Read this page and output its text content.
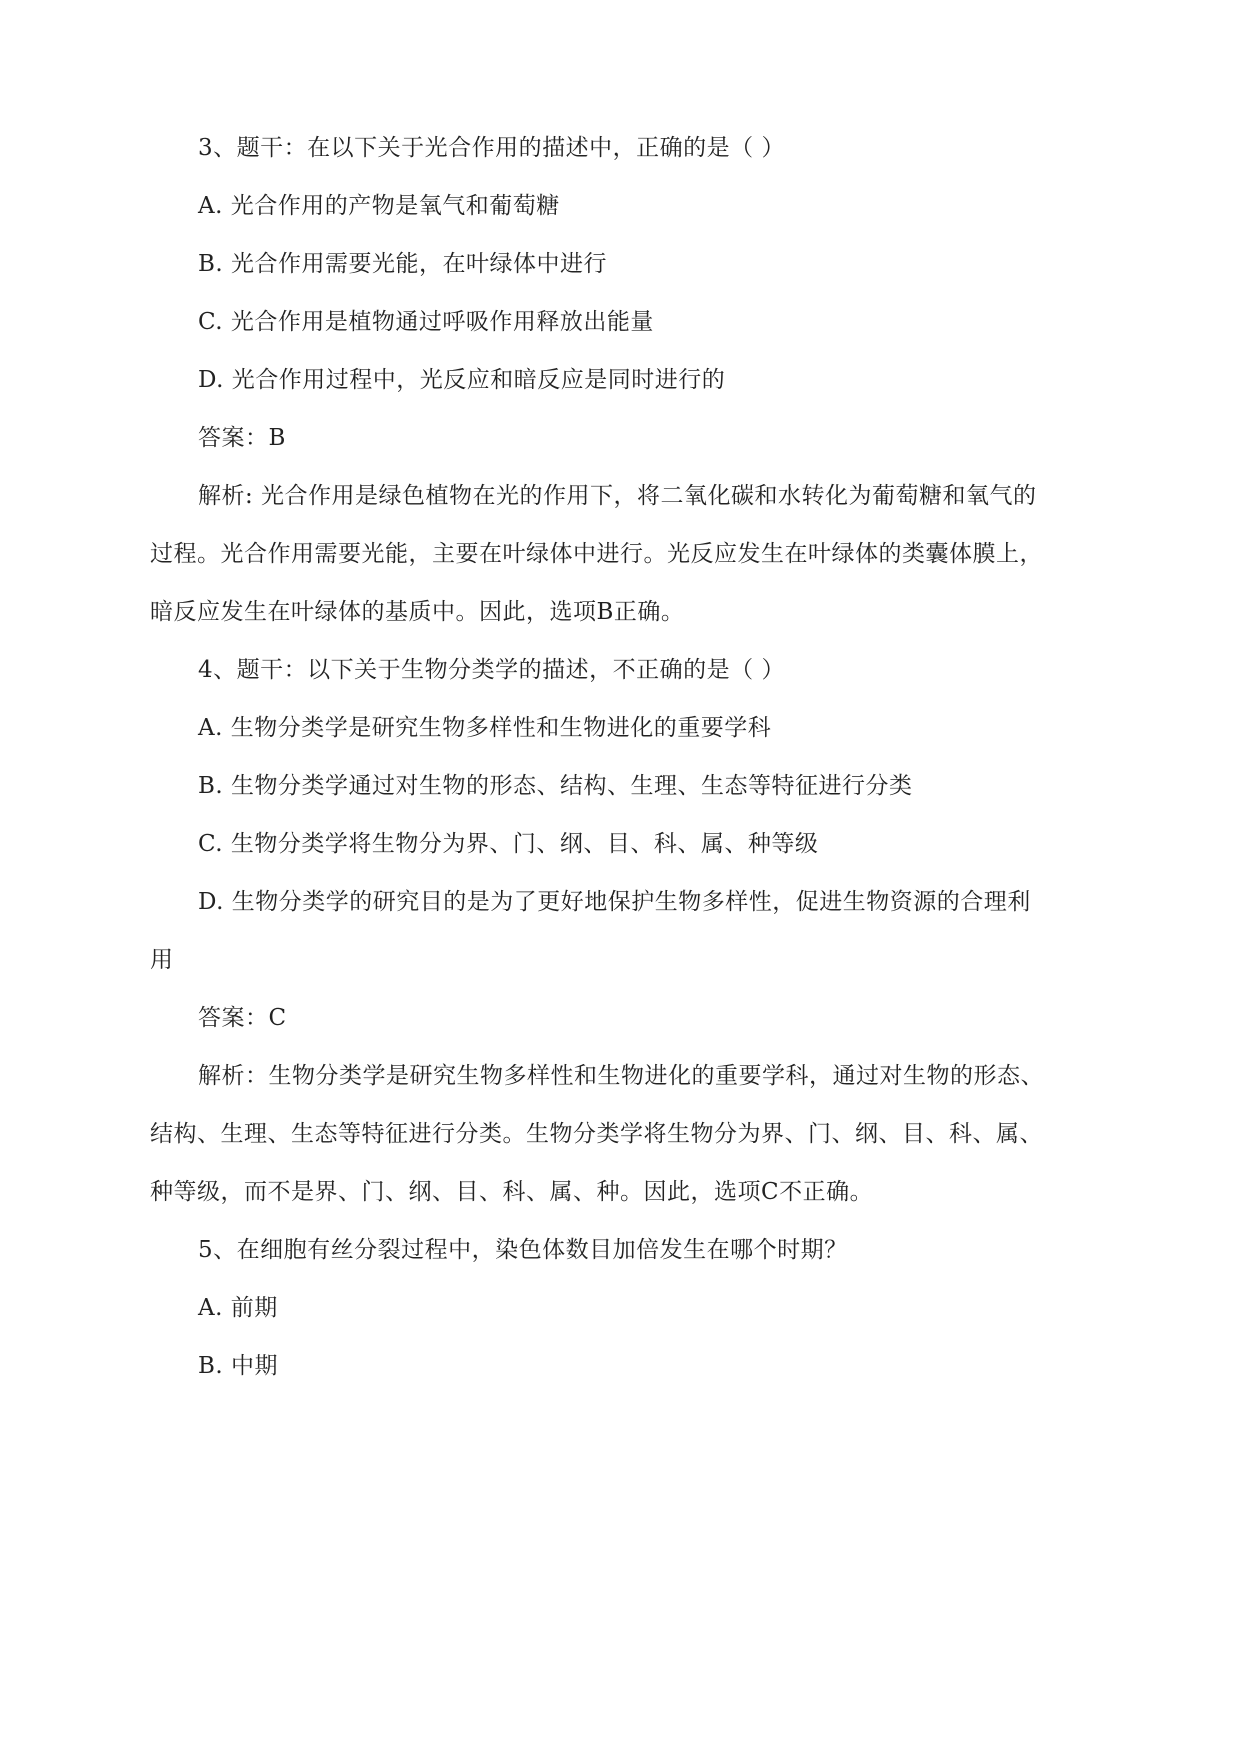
3、题干：在以下关于光合作用的描述中，正确的是（ ）
A. 光合作用的产物是氧气和葡萄糖
B. 光合作用需要光能，在叶绿体中进行
C. 光合作用是植物通过呼吸作用释放出能量
D. 光合作用过程中，光反应和暗反应是同时进行的
答案：B
解析: 光合作用是绿色植物在光的作用下，将二氧化碳和水转化为葡萄糖和氧气的
过程。光合作用需要光能，主要在叶绿体中进行。光反应发生在叶绿体的类囊体膜上，
暗反应发生在叶绿体的基质中。因此，选项B正确。
4、题干：以下关于生物分类学的描述，不正确的是（ ）
A. 生物分类学是研究生物多样性和生物进化的重要学科
B. 生物分类学通过对生物的形态、结构、生理、生态等特征进行分类
C. 生物分类学将生物分为界、门、纲、目、科、属、种等级
D. 生物分类学的研究目的是为了更好地保护生物多样性，促进生物资源的合理利
用
答案：C
解析：生物分类学是研究生物多样性和生物进化的重要学科，通过对生物的形态、
结构、生理、生态等特征进行分类。生物分类学将生物分为界、门、纲、目、科、属、
种等级，而不是界、门、纲、目、科、属、种。因此，选项C不正确。
5、在细胞有丝分裂过程中，染色体数目加倍发生在哪个时期？
A. 前期
B. 中期
